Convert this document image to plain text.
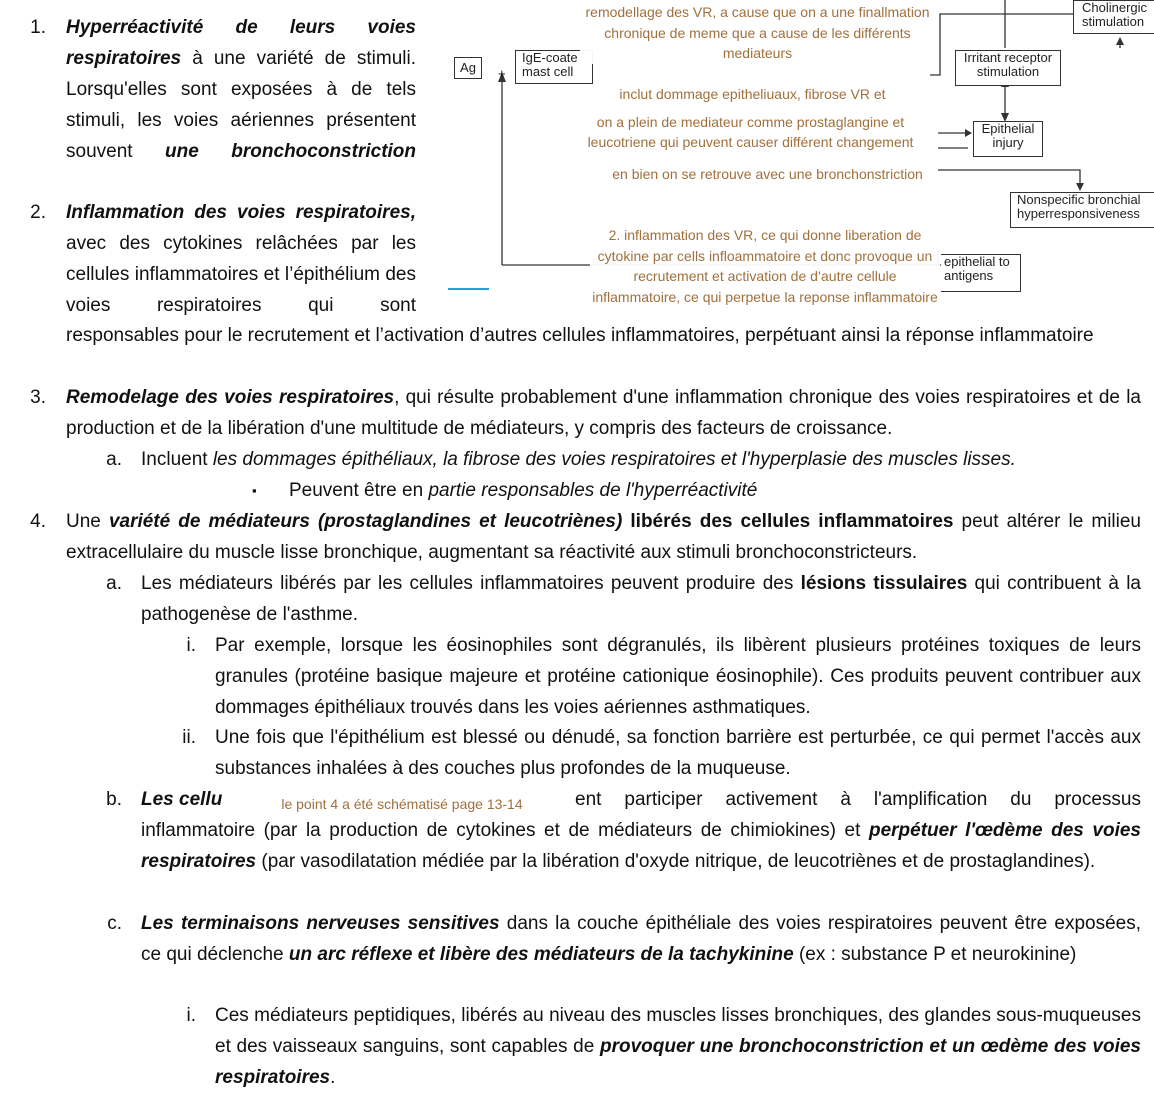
1. Hyperréactivité de leurs voies respiratoires à une variété de stimuli. Lorsqu'elles sont exposées à de tels stimuli, les voies aériennes présentent souvent une bronchoconstriction

2. Inflammation des voies respiratoires, avec des cytokines relâchées par les cellules inflammatoires et l’épithélium des voies respiratoires qui sont

responsables pour le recrutement et l’activation d’autres cellules inflammatoires, perpétuant ainsi la réponse inflammatoire

Ag	+
IgE-coate mast cell
Cholinergic stimulation
Irritant receptor stimulation
Epithelial injury
Nonspecific bronchial hyperresponsiveness
epithelial to antigens
en bien on se retrouve avec une bronchonstriction
remodellage des VR, a cause que on a une finallmation chronique de meme que a cause de les différents mediateurs
inclut dommage epitheliuaux, fibrose VR et
on a plein de mediateur comme prostaglangine et leucotriene qui peuvent causer différent changement
2. inflammation des VR, ce qui donne liberation de cytokine par cells infloammatoire et donc provoque un recrutement et activation de d’autre cellule inflammatoire, ce qui perpetue la reponse inflammatoire
3. Remodelage des voies respiratoires, qui résulte probablement d'une inflammation chronique des voies respiratoires et de la production et de la libération d'une multitude de médiateurs, y compris des facteurs de croissance.

a. Incluent les dommages épithéliaux, la fibrose des voies respiratoires et l'hyperplasie des muscles lisses.

▪ Peuvent être en partie responsables de l'hyperréactivité

4. Une variété de médiateurs (prostaglandines et leucotriènes) libérés des cellules inflammatoires peut altérer le milieu extracellulaire du muscle lisse bronchique, augmentant sa réactivité aux stimuli bronchoconstricteurs.

a. Les médiateurs libérés par les cellules inflammatoires peuvent produire des lésions tissulaires qui contribuent à la pathogenèse de l'asthme.

i. Par exemple, lorsque les éosinophiles sont dégranulés, ils libèrent plusieurs protéines toxiques de leurs granules (protéine basique majeure et protéine cationique éosinophile). Ces produits peuvent contribuer aux dommages épithéliaux trouvés dans les voies aériennes asthmatiques.

ii. Une fois que l'épithélium est blessé ou dénudé, sa fonction barrière est perturbée, ce qui permet l'accès aux substances inhalées à des couches plus profondes de la muqueuse.

b. Les cellu	le point 4 a été schématisé page 13-14	ent participer activement à l'amplification du processus

inflammatoire (par la production de cytokines et de médiateurs de chimiokines) et perpétuer l'œdème des voies respiratoires (par vasodilatation médiée par la libération d'oxyde nitrique, de leucotriènes et de prostaglandines).

c. Les terminaisons nerveuses sensitives dans la couche épithéliale des voies respiratoires peuvent être exposées, ce qui déclenche un arc réflexe et libère des médiateurs de la tachykinine (ex : substance P et neurokinine)

i. Ces médiateurs peptidiques, libérés au niveau des muscles lisses bronchiques, des glandes sous-muqueuses et des vaisseaux sanguins, sont capables de provoquer une bronchoconstriction et un œdème des voies respiratoires.
